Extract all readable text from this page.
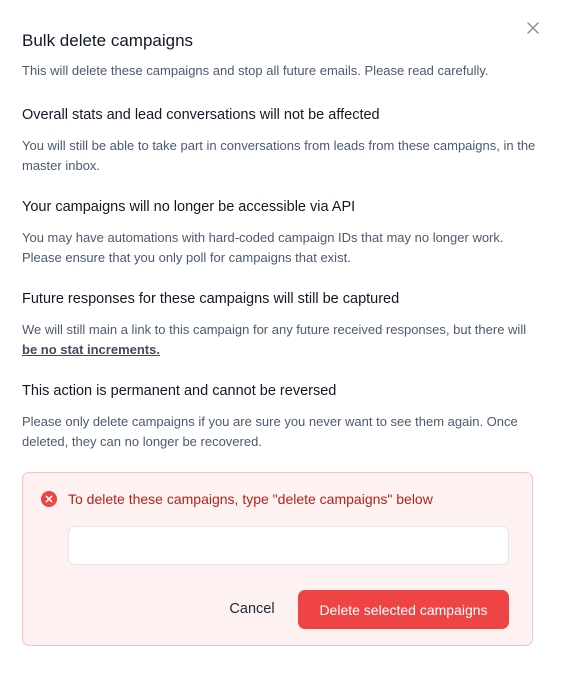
Bulk delete campaigns
This will delete these campaigns and stop all future emails. Please read carefully.
Overall stats and lead conversations will not be affected
You will still be able to take part in conversations from leads from these campaigns, in the master inbox.
Your campaigns will no longer be accessible via API
You may have automations with hard-coded campaign IDs that may no longer work. Please ensure that you only poll for campaigns that exist.
Future responses for these campaigns will still be captured
We will still main a link to this campaign for any future received responses, but there will be no stat increments.
This action is permanent and cannot be reversed
Please only delete campaigns if you are sure you never want to see them again. Once deleted, they can no longer be recovered.
To delete these campaigns, type "delete campaigns" below
Cancel	Delete selected campaigns
